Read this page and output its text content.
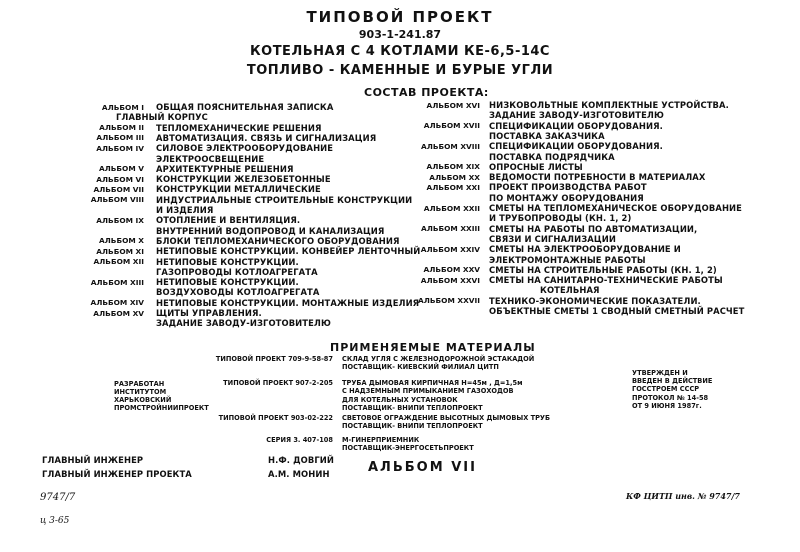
ТИПОВОЙ ПРОЕКТ
903-1-241.87
КОТЕЛЬНАЯ С 4 КОТЛАМИ КЕ-6,5-14С
ТОПЛИВО - КАМЕННЫЕ И БУРЫЕ УГЛИ
СОСТАВ ПРОЕКТА:
АЛЬБОМ I ОБЩАЯ ПОЯСНИТЕЛЬНАЯ ЗАПИСКА
ГЛАВНЫЙ КОРПУС
АЛЬБОМ II ТЕПЛОМЕХАНИЧЕСКИЕ РЕШЕНИЯ
АЛЬБОМ III АВТОМАТИЗАЦИЯ. СВЯЗЬ И СИГНАЛИЗАЦИЯ
АЛЬБОМ IV СИЛОВОЕ ЭЛЕКТРООБОРУДОВАНИЕ
ЭЛЕКТРООСВЕЩЕНИЕ
АЛЬБОМ V АРХИТЕКТУРНЫЕ РЕШЕНИЯ
АЛЬБОМ VI КОНСТРУКЦИИ ЖЕЛЕЗОБЕТОННЫЕ
АЛЬБОМ VII КОНСТРУКЦИИ МЕТАЛЛИЧЕСКИЕ
АЛЬБОМ VIII ИНДУСТРИАЛЬНЫЕ СТРОИТЕЛЬНЫЕ КОНСТРУКЦИИ
И ИЗДЕЛИЯ
АЛЬБОМ IX ОТОПЛЕНИЕ И ВЕНТИЛЯЦИЯ.
ВНУТРЕННИЙ ВОДОПРОВОД И КАНАЛИЗАЦИЯ
АЛЬБОМ X БЛОКИ ТЕПЛОМЕХАНИЧЕСКОГО ОБОРУДОВАНИЯ
АЛЬБОМ XI НЕТИПОВЫЕ КОНСТРУКЦИИ. КОНВЕЙЕР ЛЕНТОЧНЫЙ
АЛЬБОМ XII НЕТИПОВЫЕ КОНСТРУКЦИИ.
ГАЗОПРОВОДЫ КОТЛОАГРЕГАТА
АЛЬБОМ XIII НЕТИПОВЫЕ КОНСТРУКЦИИ.
ВОЗДУХОВОДЫ КОТЛОАГРЕГАТА
АЛЬБОМ XIV НЕТИПОВЫЕ КОНСТРУКЦИИ. МОНТАЖНЫЕ ИЗДЕЛИЯ
АЛЬБОМ XV ЩИТЫ УПРАВЛЕНИЯ.
ЗАДАНИЕ ЗАВОДУ-ИЗГОТОВИТЕЛЮ
АЛЬБОМ XVI НИЗКОВОЛЬТНЫЕ КОМПЛЕКТНЫЕ УСТРОЙСТВА.
ЗАДАНИЕ ЗАВОДУ-ИЗГОТОВИТЕЛЮ
АЛЬБОМ XVII СПЕЦИФИКАЦИИ ОБОРУДОВАНИЯ.
ПОСТАВКА ЗАКАЗЧИКА
АЛЬБОМ XVIII СПЕЦИФИКАЦИИ ОБОРУДОВАНИЯ.
ПОСТАВКА ПОДРЯДЧИКА
АЛЬБОМ XIX ОПРОСНЫЕ ЛИСТЫ
АЛЬБОМ XX ВЕДОМОСТИ ПОТРЕБНОСТИ В МАТЕРИАЛАХ
АЛЬБОМ XXI ПРОЕКТ ПРОИЗВОДСТВА РАБОТ
ПО МОНТАЖУ ОБОРУДОВАНИЯ
АЛЬБОМ XXII СМЕТЫ НА ТЕПЛОМЕХАНИЧЕСКОЕ ОБОРУДОВАНИЕ
И ТРУБОПРОВОДЫ (КН. 1, 2)
АЛЬБОМ XXIII СМЕТЫ НА РАБОТЫ ПО АВТОМАТИЗАЦИИ,
СВЯЗИ И СИГНАЛИЗАЦИИ
АЛЬБОМ XXIV СМЕТЫ НА ЭЛЕКТРООБОРУДОВАНИЕ И
ЭЛЕКТРОМОНТАЖНЫЕ РАБОТЫ
АЛЬБОМ XXV СМЕТЫ НА СТРОИТЕЛЬНЫЕ РАБОТЫ (КН. 1, 2)
АЛЬБОМ XXVI СМЕТЫ НА САНИТАРНО-ТЕХНИЧЕСКИЕ РАБОТЫ
КОТЕЛЬНАЯ
АЛЬБОМ XXVII ТЕХНИКО-ЭКОНОМИЧЕСКИЕ ПОКАЗАТЕЛИ.
ОБЪЕКТНЫЕ СМЕТЫ 1 СВОДНЫЙ СМЕТНЫЙ РАСЧЕТ
ПРИМЕНЯЕМЫЕ МАТЕРИАЛЫ
ТИПОВОЙ ПРОЕКТ 709-9-58-87 СКЛАД УГЛЯ С ЖЕЛЕЗНОДОРОЖНОЙ ЭСТАКАДОЙ
ПОСТАВЩИК- КИЕВСКИЙ ФИЛИАЛ ЦИТП
ТИПОВОЙ ПРОЕКТ 907-2-205 ТРУБА ДЫМОВАЯ КИРПИЧНАЯ Н=45м , Д=1,5м
С НАДЗЕМНЫМ ПРИМЫКАНИЕМ ГАЗОХОДОВ
ДЛЯ КОТЕЛЬНЫХ УСТАНОВОК
ПОСТАВЩИК- ВНИПИ ТЕПЛОПРОЕКТ
ТИПОВОЙ ПРОЕКТ 903-02-222 СВЕТОВОЕ ОГРАЖДЕНИЕ ВЫСОТНЫХ ДЫМОВЫХ ТРУБ
ПОСТАВЩИК- ВНИПИ ТЕПЛОПРОЕКТ
СЕРИЯ 3. 407-108 М-ГИНЕРПРИЕМНИК
ПОСТАВЩИК-ЭНЕРГОСЕТЬПРОЕКТ
РАЗРАБОТАН
ИНСТИТУТОМ
ХАРЬКОВСКИЙ
ПРОМСТРОЙНИИПРОЕКТ
УТВЕРЖДЕН И
ВВЕДЕН В ДЕЙСТВИЕ
ГОССТРОЕМ СССР
ПРОТОКОЛ № 14-58
ОТ 9 ИЮНЯ 1987г.
ГЛАВНЫЙ ИНЖЕНЕР	Н.Ф. ДОВГИЙ
ГЛАВНЫЙ ИНЖЕНЕР ПРОЕКТА	А.М. МОНИН	АЛЬБОМ VII
9747/7
ц 3-65
КФ ЦИТП инв. № 9747/7
